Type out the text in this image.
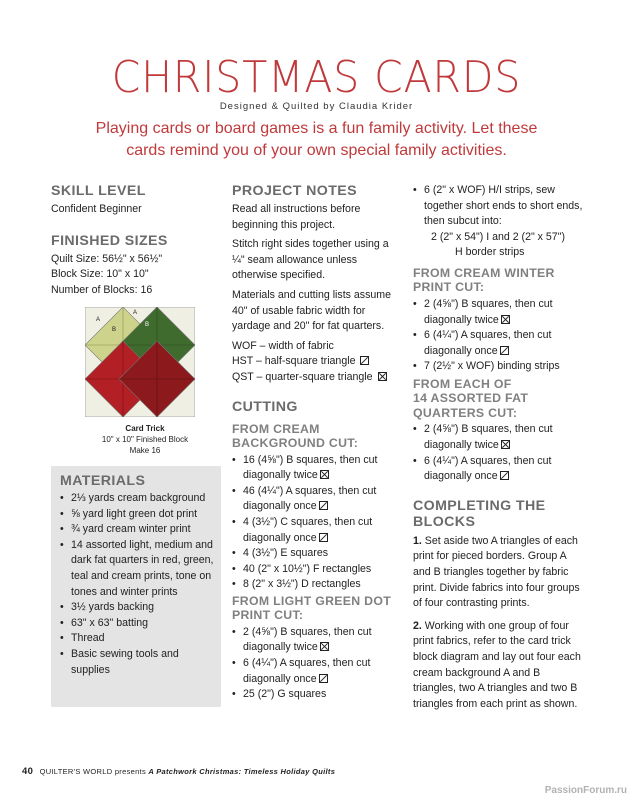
CHRISTMAS CARDS
Designed & Quilted by Claudia Krider
Playing cards or board games is a fun family activity. Let these
cards remind you of your own special family activities.
SKILL LEVEL

Confident Beginner

FINISHED SIZES

Quilt Size: 56½" x 56½"

Block Size: 10" x 10"

Number of Blocks: 16

A
B
A
B
Card Trick
10" x 10" Finished Block
Make 16
MATERIALS
• 2⅓ yards cream background
• ⅝ yard light green dot print
• ¾ yard cream winter print
• 14 assorted light, medium and dark fat quarters in red, green, teal and cream prints, tone on tones and winter prints
• 3½ yards backing
• 63" x 63" batting
• Thread
• Basic sewing tools and supplies
PROJECT NOTES

Read all instructions before beginning this project.

Stitch right sides together using a ¼" seam allowance unless otherwise specified.

Materials and cutting lists assume 40" of usable fabric width for yardage and 20" for fat quarters.

WOF – width of fabric

HST – half-square triangle

QST – quarter-square triangle

CUTTING
FROM CREAM
BACKGROUND CUT:
• 16 (4⅝") B squares, then cut diagonally twice
• 46 (4¼") A squares, then cut diagonally once
• 4 (3½") C squares, then cut diagonally once
• 4 (3½") E squares
• 40 (2" x 10½") F rectangles
• 8 (2" x 3½") D rectangles
FROM LIGHT GREEN DOT
PRINT CUT:
• 2 (4⅝") B squares, then cut diagonally twice
• 6 (4¼") A squares, then cut diagonally once
• 25 (2") G squares
• 6 (2" x WOF) H/I strips, sew together short ends to short ends, then subcut into:
2 (2" x 54") I and 2 (2" x 57")
H border strips
FROM CREAM WINTER
PRINT CUT:
• 2 (4⅝") B squares, then cut diagonally twice
• 6 (4¼") A squares, then cut diagonally once
• 7 (2½" x WOF) binding strips
FROM EACH OF
14 ASSORTED FAT
QUARTERS CUT:
• 2 (4⅝") B squares, then cut diagonally twice
• 6 (4¼") A squares, then cut diagonally once
COMPLETING THE
BLOCKS

1. Set aside two A triangles of each print for pieced borders. Group A and B triangles together by fabric print. Divide fabrics into four groups of four contrasting prints.

2. Working with one group of four print fabrics, refer to the card trick block diagram and lay out four each cream background A and B triangles, two A triangles and two B triangles from each print as shown.

40 QUILTER'S WORLD presents A Patchwork Christmas: Timeless Holiday Quilts
PassionForum.ru
